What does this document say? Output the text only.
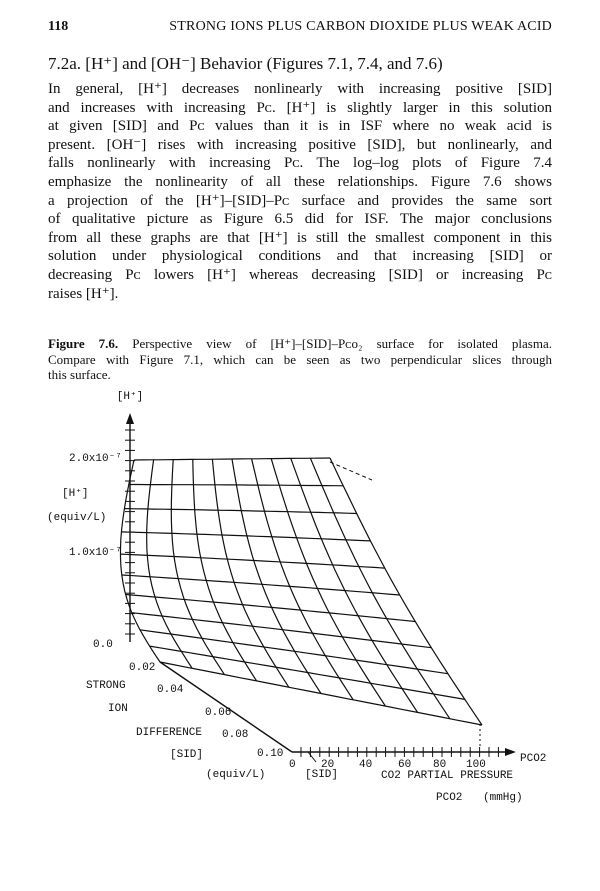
118	STRONG IONS PLUS CARBON DIOXIDE PLUS WEAK ACID
7.2a. [H⁺] and [OH⁻] Behavior (Figures 7.1, 7.4, and 7.6)
In general, [H⁺] decreases nonlinearly with increasing positive [SID]
and increases with increasing Pᴄ. [H⁺] is slightly larger in this solution
at given [SID] and Pᴄ values than it is in ISF where no weak acid is
present. [OH⁻] rises with increasing positive [SID], but nonlinearly, and
falls nonlinearly with increasing Pᴄ. The log–log plots of Figure 7.4
emphasize the nonlinearity of all these relationships. Figure 7.6 shows
a projection of the [H⁺]–[SID]–Pᴄ surface and provides the same sort
of qualitative picture as Figure 6.5 did for ISF. The major conclusions
from all these graphs are that [H⁺] is still the smallest component in this
solution under physiological conditions and that increasing [SID] or
decreasing Pᴄ lowers [H⁺] whereas decreasing [SID] or increasing Pᴄ
raises [H⁺].
Figure 7.6. Perspective view of [H⁺]–[SID]–Pᴄᴏ₂ surface for isolated plasma.
Compare with Figure 7.1, which can be seen as two perpendicular slices through
this surface.
[H⁺]
2.0x10⁻⁷
1.0x10⁻⁷
0.0
[H⁺]
(equiv/L)
0.02
0.04
0.06
0.08
0.10
STRONG
ION
DIFFERENCE
[SID]
(equiv/L)
0 20 40 60 80 100	PCO2
[SID]	CO2 PARTIAL PRESSURE
PCO2 (mmHg)
